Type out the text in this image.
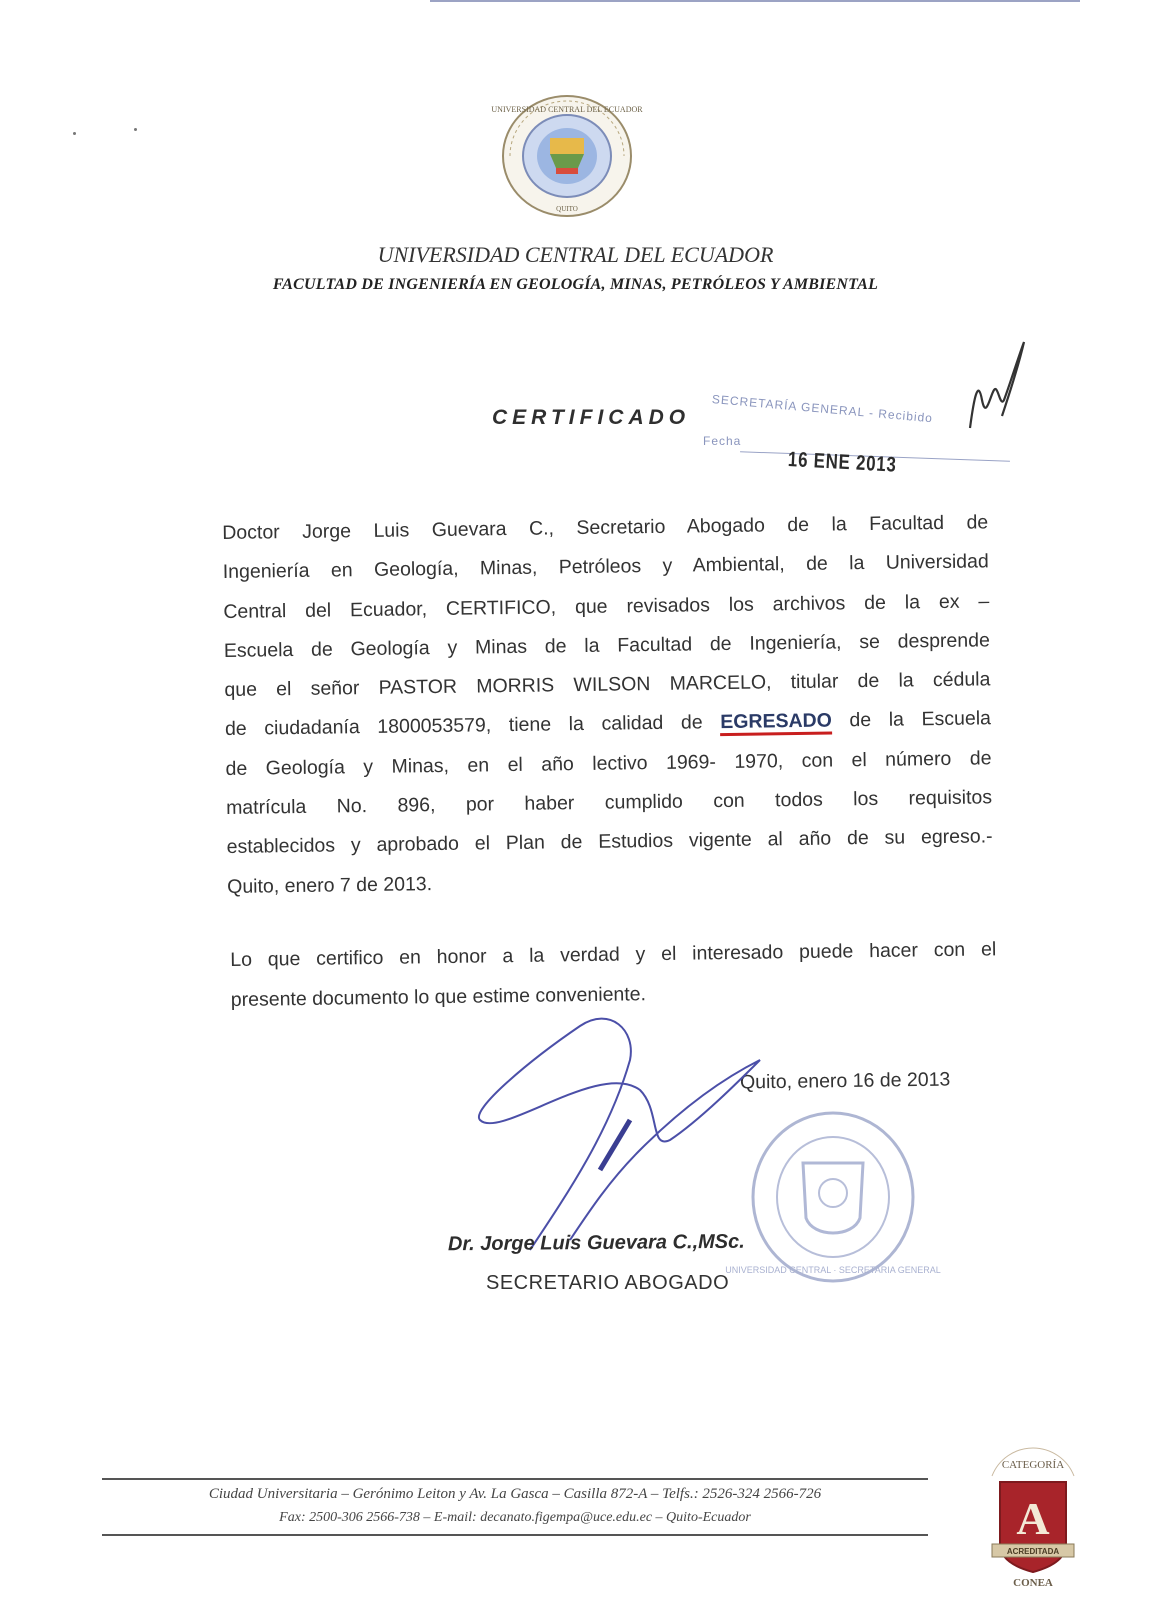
UNIVERSIDAD CENTRAL DEL ECUADOR
QUITO
UNIVERSIDAD CENTRAL DEL ECUADOR
FACULTAD DE INGENIERÍA EN GEOLOGÍA, MINAS, PETRÓLEOS Y AMBIENTAL
CERTIFICADO SECRETARÍA GENERAL - Recibido
Fecha
16 ENE 2013
Doctor Jorge Luis Guevara C., Secretario Abogado de la Facultad de
Ingeniería en Geología, Minas, Petróleos y Ambiental, de la Universidad
Central del Ecuador, CERTIFICO, que revisados los archivos de la ex –
Escuela de Geología y Minas de la Facultad de Ingeniería, se desprende
que el señor PASTOR MORRIS WILSON MARCELO, titular de la cédula
de ciudadanía 1800053579, tiene la calidad de EGRESADO de la Escuela
de Geología y Minas, en el año lectivo 1969- 1970, con el número de
matrícula No. 896, por haber cumplido con todos los requisitos
establecidos y aprobado el Plan de Estudios vigente al año de su egreso.-
Quito, enero 7 de 2013.
Lo que certifico en honor a la verdad y el interesado puede hacer con el
presente documento lo que estime conveniente.
Quito, enero 16 de 2013
UNIVERSIDAD CENTRAL · SECRETARIA GENERAL
Dr. Jorge Luis Guevara C.,MSc.
SECRETARIO ABOGADO
Ciudad Universitaria – Gerónimo Leiton y Av. La Gasca – Casilla 872-A – Telfs.: 2526-324 2566-726
Fax: 2500-306 2566-738 – E-mail: decanato.figempa@uce.edu.ec – Quito-Ecuador
CATEGORÍA
A
ACREDITADA
CONEA
